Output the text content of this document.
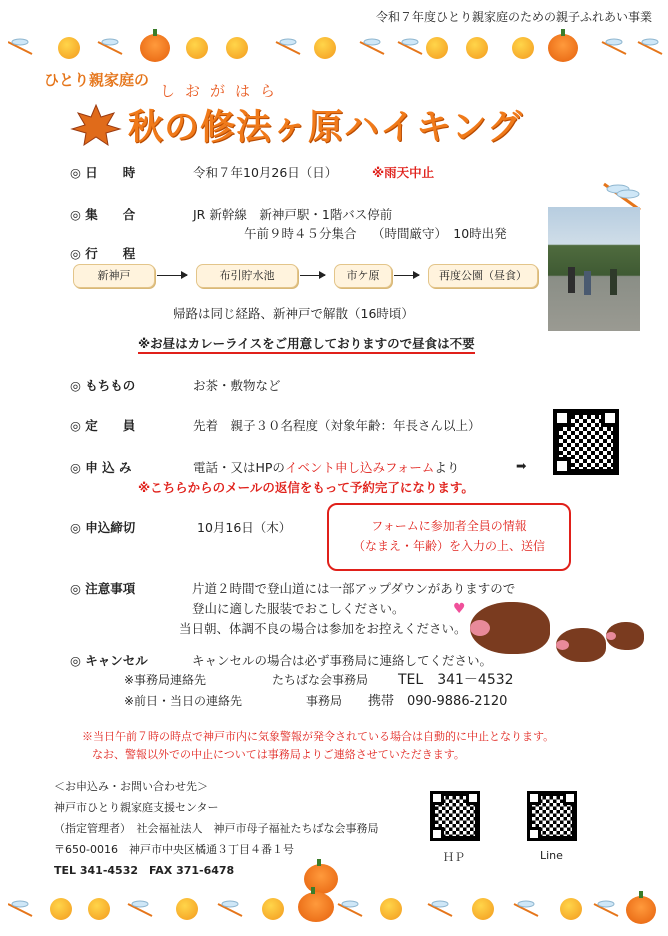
令和７年度ひとり親家庭のための親子ふれあい事業
ひとり親家庭の
しおがはら
秋の修法ヶ原ハイキング
◎ 日　　時	令和７年10月26日（日）	※雨天中止
◎ 集　　合	JR 新幹線　新神戸駅・1階バス停前
午前９時４５分集合 （時間厳守）　10時出発
◎ 行　　程
新神戸	布引貯水池	市ケ原	再度公園（昼食）
帰路は同じ経路、新神戸で解散（16時頃）
※お昼はカレーライスをご用意しておりますので昼食は不要
◎ もちもの	お茶・敷物など
◎ 定　　員	先着　親子３０名程度（対象年齢：年長さん以上）
◎ 申 込 み	電話・又はHPのイベント申し込みフォームより	➡
※こちらからのメールの返信をもって予約完了になります。
◎ 申込締切	10月16日（木）	フォームに参加者全員の情報
（なまえ・年齢）を入力の上、送信
◎ 注意事項	片道２時間で登山道には一部アップダウンがありますので
登山に適した服装でおこしください。
当日朝、体調不良の場合は参加をお控えください。
♥
◎ キャンセル	キャンセルの場合は必ず事務局に連絡してください。
※事務局連絡先	たちばな会事務局 TEL　341－4532
※前日・当日の連絡先	事務局 携帯　090-9886-2120
※当日午前７時の時点で神戸市内に気象警報が発令されている場合は自動的に中止となります。
なお、警報以外での中止については事務局よりご連絡させていただきます。
＜お申込み・お問い合わせ先＞
神戸市ひとり親家庭支援センター
（指定管理者）　社会福祉法人　神戸市母子福祉たちばな会事務局
〒650-0016　神戸市中央区橘通３丁目４番１号
TEL 341-4532　FAX 371-6478
ＨＰ	Line
